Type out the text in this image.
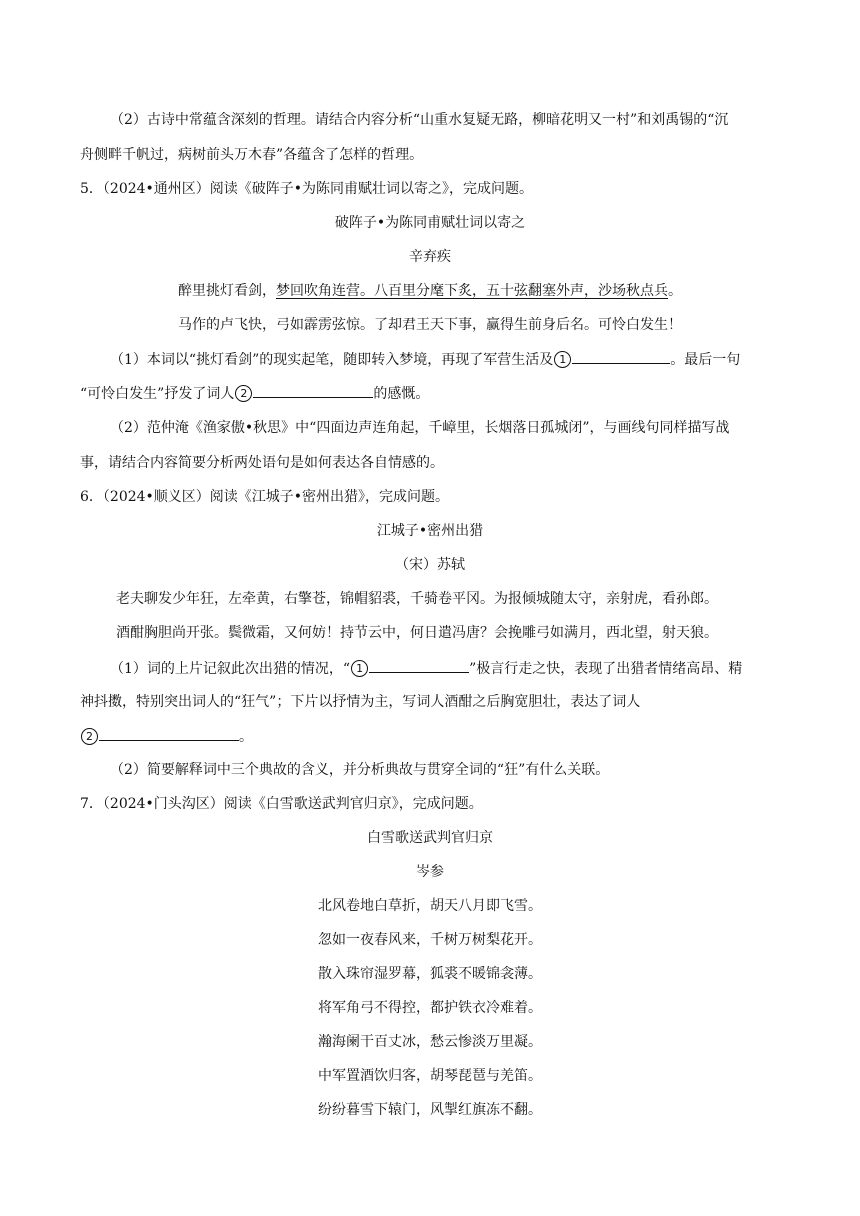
（2）古诗中常蕴含深刻的哲理。请结合内容分析“山重水复疑无路，柳暗花明又一村”和刘禹锡的“沉
舟侧畔千帆过，病树前头万木春”各蕴含了怎样的哲理。
5．（2024•通州区）阅读《破阵子•为陈同甫赋壮词以寄之》，完成问题。
破阵子•为陈同甫赋壮词以寄之
辛弃疾
醉里挑灯看剑，梦回吹角连营。八百里分麾下炙，五十弦翻塞外声，沙场秋点兵。
马作的卢飞快，弓如霹雳弦惊。了却君王天下事，赢得生前身后名。可怜白发生！
（1）本词以“挑灯看剑”的现实起笔，随即转入梦境，再现了军营生活及 1	。最后一句
“可怜白发生”抒发了词人 2	的感慨。
（2）范仲淹《渔家傲•秋思》中“四面边声连角起，千嶂里，长烟落日孤城闭”，与画线句同样描写战
事，请结合内容简要分析两处语句是如何表达各自情感的。
6．（2024•顺义区）阅读《江城子•密州出猎》，完成问题。
江城子•密州出猎
（宋）苏轼
老夫聊发少年狂，左牵黄，右擎苍，锦帽貂裘，千骑卷平冈。为报倾城随太守，亲射虎，看孙郎。
酒酣胸胆尚开张。鬓微霜，又何妨！持节云中，何日遣冯唐？会挽雕弓如满月，西北望，射天狼。
（1）词的上片记叙此次出猎的情况，“ 1	”极言行走之快，表现了出猎者情绪高昂、精
神抖擞，特别突出词人的“狂气”；下片以抒情为主，写词人酒酣之后胸宽胆壮，表达了词人
2	。
（2）简要解释词中三个典故的含义，并分析典故与贯穿全词的“狂”有什么关联。
7．（2024•门头沟区）阅读《白雪歌送武判官归京》，完成问题。
白雪歌送武判官归京
岑参
北风卷地白草折，胡天八月即飞雪。
忽如一夜春风来，千树万树梨花开。
散入珠帘湿罗幕，狐裘不暖锦衾薄。
将军角弓不得控，都护铁衣冷难着。
瀚海阑干百丈冰，愁云惨淡万里凝。
中军置酒饮归客，胡琴琵琶与羌笛。
纷纷暮雪下辕门，风掣红旗冻不翻。
